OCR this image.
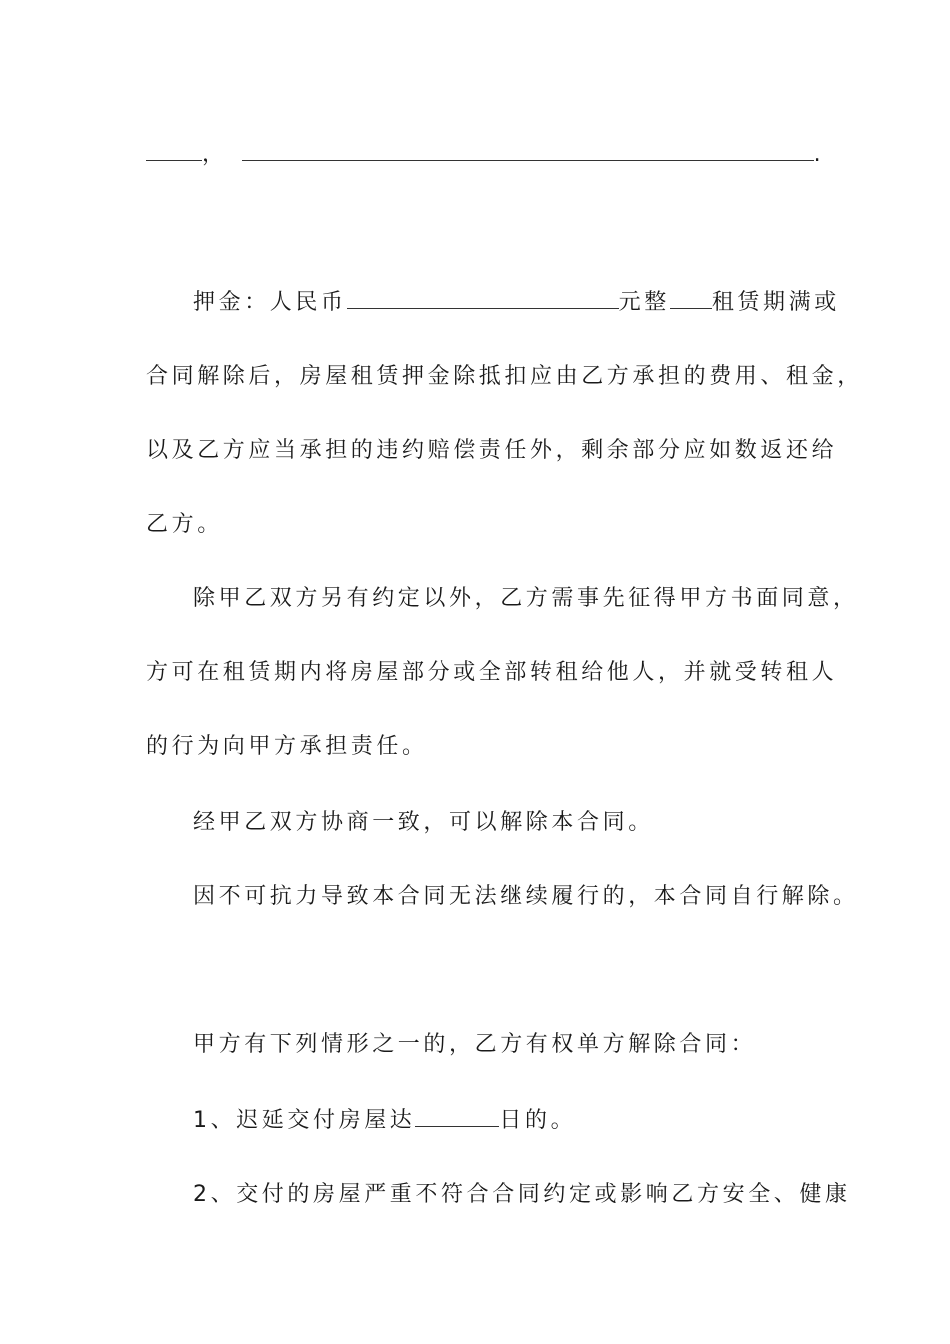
，	.
押金：人民币	元整 租赁期满或
合同解除后，房屋租赁押金除抵扣应由乙方承担的费用、租金，
以及乙方应当承担的违约赔偿责任外，剩余部分应如数返还给
乙方。
除甲乙双方另有约定以外，乙方需事先征得甲方书面同意，
方可在租赁期内将房屋部分或全部转租给他人，并就受转租人
的行为向甲方承担责任。
经甲乙双方协商一致，可以解除本合同。
因不可抗力导致本合同无法继续履行的，本合同自行解除。
甲方有下列情形之一的，乙方有权单方解除合同：
1、迟延交付房屋达	日的。
2、交付的房屋严重不符合合同约定或影响乙方安全、健康
